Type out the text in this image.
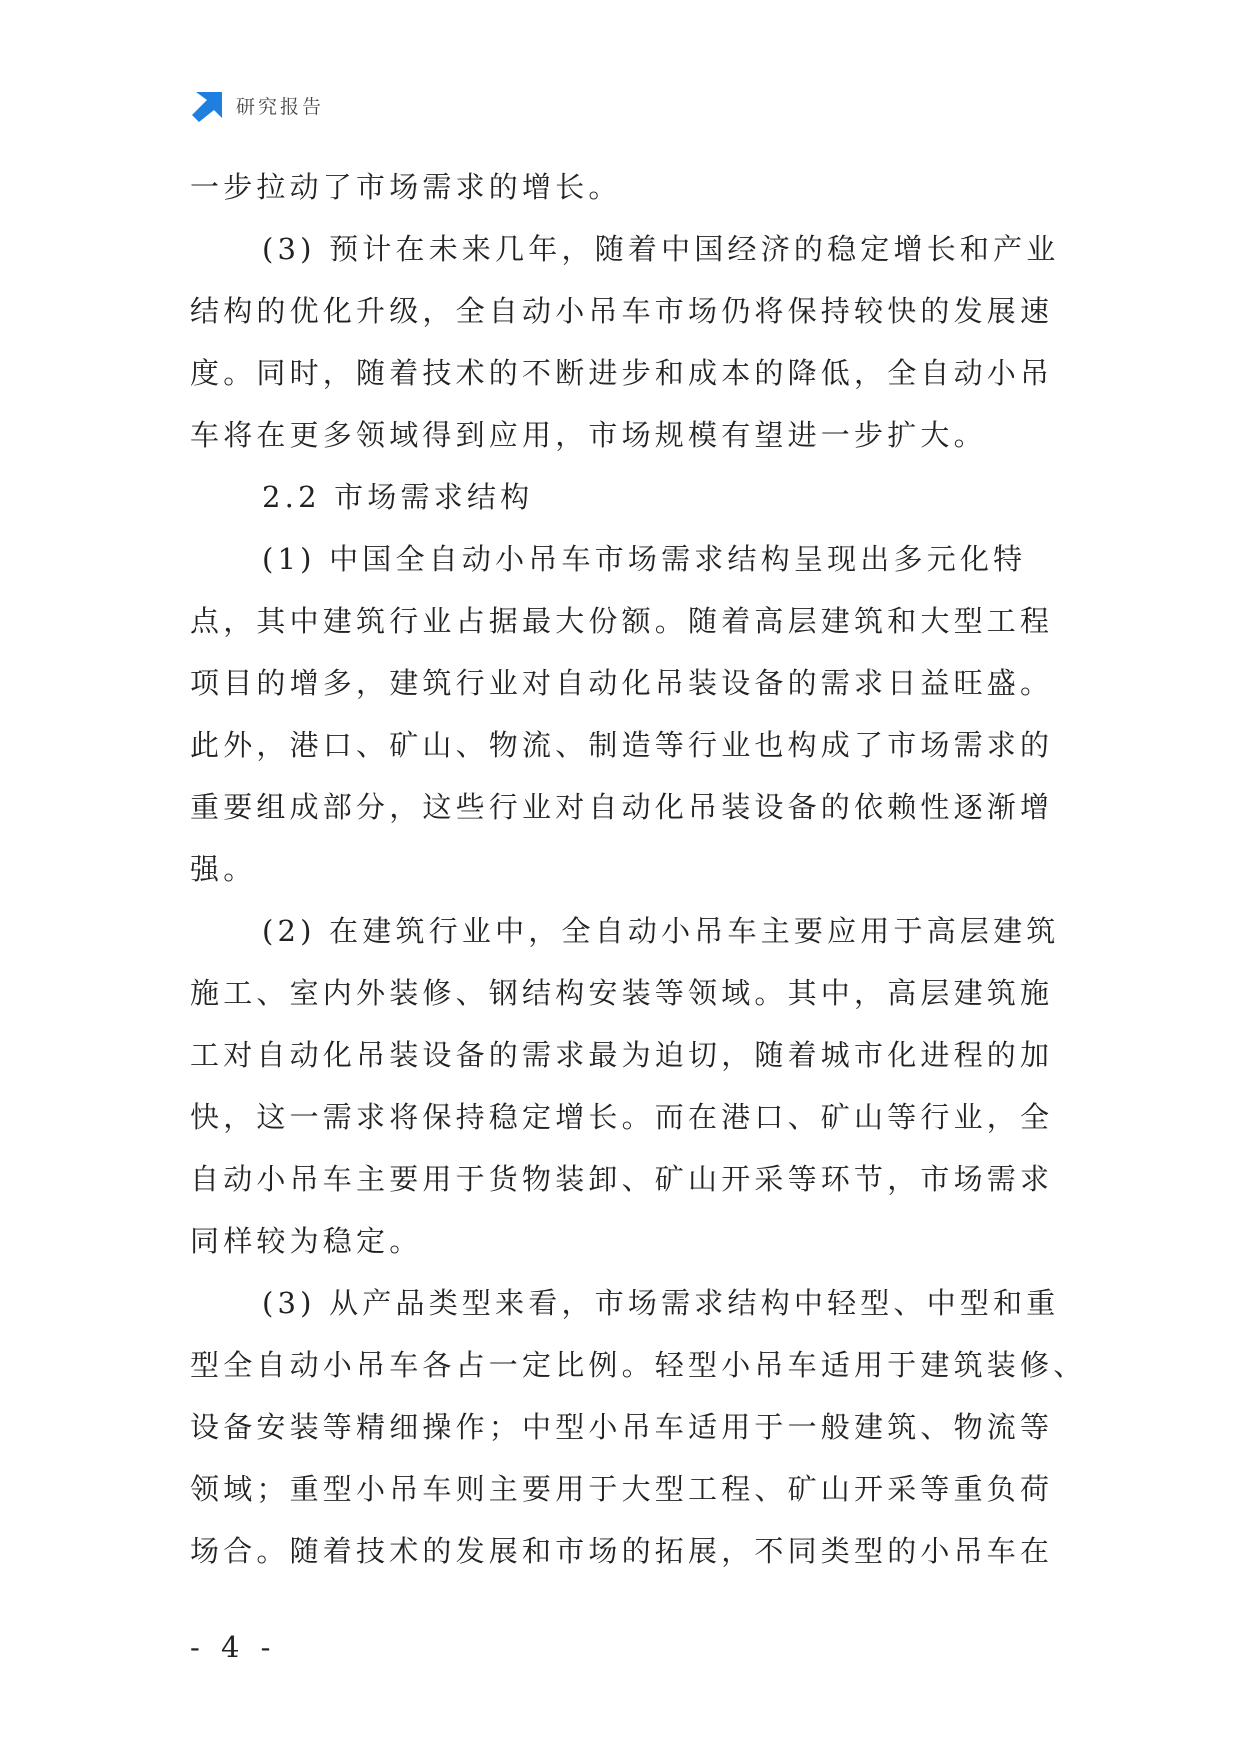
研究报告
一步拉动了市场需求的增长。
(3) 预计在未来几年，随着中国经济的稳定增长和产业
结构的优化升级，全自动小吊车市场仍将保持较快的发展速
度。同时，随着技术的不断进步和成本的降低，全自动小吊
车将在更多领域得到应用，市场规模有望进一步扩大。
2.2 市场需求结构
(1) 中国全自动小吊车市场需求结构呈现出多元化特
点，其中建筑行业占据最大份额。随着高层建筑和大型工程
项目的增多，建筑行业对自动化吊装设备的需求日益旺盛。
此外，港口、矿山、物流、制造等行业也构成了市场需求的
重要组成部分，这些行业对自动化吊装设备的依赖性逐渐增
强。
(2) 在建筑行业中，全自动小吊车主要应用于高层建筑
施工、室内外装修、钢结构安装等领域。其中，高层建筑施
工对自动化吊装设备的需求最为迫切，随着城市化进程的加
快，这一需求将保持稳定增长。而在港口、矿山等行业，全
自动小吊车主要用于货物装卸、矿山开采等环节，市场需求
同样较为稳定。
(3) 从产品类型来看，市场需求结构中轻型、中型和重
型全自动小吊车各占一定比例。轻型小吊车适用于建筑装修、
设备安装等精细操作；中型小吊车适用于一般建筑、物流等
领域；重型小吊车则主要用于大型工程、矿山开采等重负荷
场合。随着技术的发展和市场的拓展，不同类型的小吊车在
- 4 -
